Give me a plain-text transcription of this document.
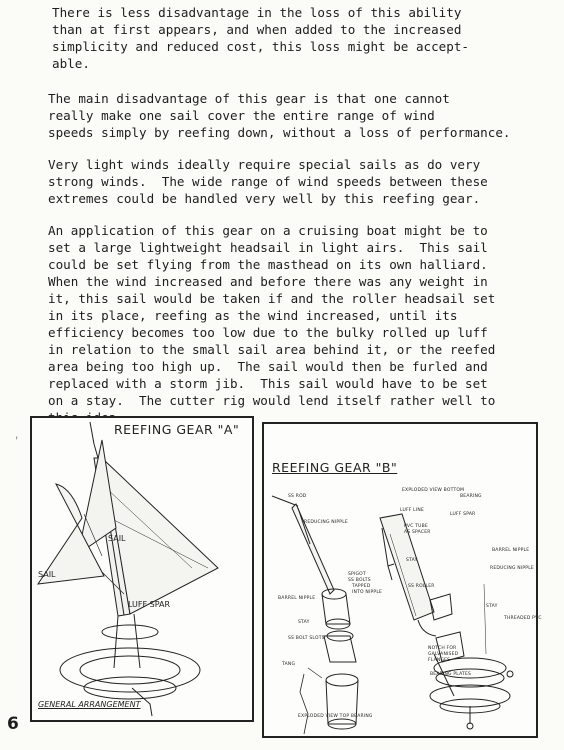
There is less disadvantage in the loss of this ability
than at first appears, and when added to the increased
simplicity and reduced cost, this loss might be accept-
able.
The main disadvantage of this gear is that one cannot
really make one sail cover the entire range of wind
speeds simply by reefing down, without a loss of performance.
Very light winds ideally require special sails as do very
strong winds.  The wide range of wind speeds between these
extremes could be handled very well by this reefing gear.
An application of this gear on a cruising boat might be to
set a large lightweight headsail in light airs.  This sail
could be set flying from the masthead on its own halliard.
When the wind increased and before there was any weight in
it, this sail would be taken if and the roller headsail set
in its place, reefing as the wind increased, until its
efficiency becomes too low due to the bulky rolled up luff
in relation to the small sail area behind it, or the reefed
area being too high up.  The sail would then be furled and
replaced with a storm jib.  This sail would have to be set
on a stay.  The cutter rig would lend itself rather well to

'
REEFING GEAR "A"
SAIL
SAIL
LUFF SPAR
GENERAL ARRANGEMENT
REEFING GEAR "B"
EXPLODED VIEW BOTTOM
BEARING
SS ROD
REDUCING NIPPLE
LUFF LINE
PVC TUBE
AS SPACER
LUFF SPAR
STAY
BARREL NIPPLE
REDUCING NIPPLE
SS ROLLER
SPIGOT
SS BOLTS
TAPPED
INTO NIPPLE
BARREL NIPPLE
STAY
STAY
THREADED PVC
SS BOLT SLOTS
NOTCH FOR
GALVANISED
FLANGES
BEARING PLATES
TANG
EXPLODED VIEW TOP BEARING
6
